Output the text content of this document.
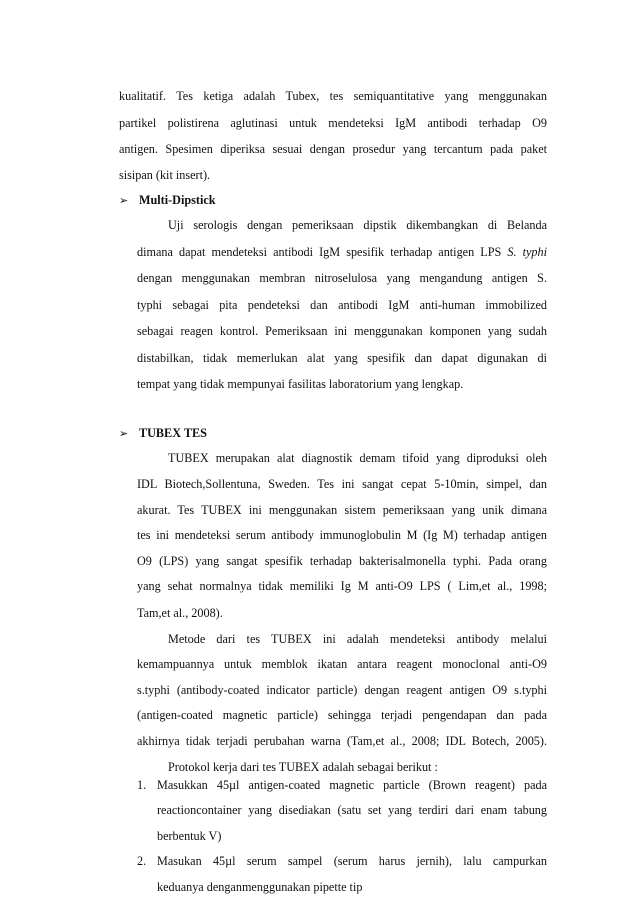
kualitatif. Tes ketiga adalah Tubex, tes semiquantitative yang menggunakan
partikel polistirena aglutinasi untuk mendeteksi IgM antibodi terhadap O9
antigen. Spesimen diperiksa sesuai dengan prosedur yang tercantum pada paket
sisipan (kit insert).
➢ Multi-Dipstick
Uji serologis dengan pemeriksaan dipstik dikembangkan di Belanda
dimana dapat mendeteksi antibodi IgM spesifik terhadap antigen LPS S. typhi
dengan menggunakan membran nitroselulosa yang mengandung antigen S.
typhi sebagai pita pendeteksi dan antibodi IgM anti-human immobilized
sebagai reagen kontrol. Pemeriksaan ini menggunakan komponen yang sudah
distabilkan, tidak memerlukan alat yang spesifik dan dapat digunakan di
tempat yang tidak mempunyai fasilitas laboratorium yang lengkap.
➢ TUBEX TES
TUBEX merupakan alat diagnostik demam tifoid yang diproduksi oleh
IDL Biotech,Sollentuna, Sweden. Tes ini sangat cepat 5-10min, simpel, dan
akurat. Tes TUBEX ini menggunakan sistem pemeriksaan yang unik dimana
tes ini mendeteksi serum antibody immunoglobulin M (Ig M) terhadap antigen
O9 (LPS) yang sangat spesifik terhadap bakterisalmonella typhi. Pada orang
yang sehat normalnya tidak memiliki Ig M anti-O9 LPS ( Lim,et al., 1998;
Tam,et al., 2008).
Metode dari tes TUBEX ini adalah mendeteksi antibody melalui
kemampuannya untuk memblok ikatan antara reagent monoclonal anti-O9
s.typhi (antibody-coated indicator particle) dengan reagent antigen O9 s.typhi
(antigen-coated magnetic particle) sehingga terjadi pengendapan dan pada
akhirnya tidak terjadi perubahan warna (Tam,et al., 2008; IDL Botech, 2005).
Protokol kerja dari tes TUBEX adalah sebagai berikut :
1. Masukkan 45µl antigen-coated magnetic particle (Brown reagent) pada
reactioncontainer yang disediakan (satu set yang terdiri dari enam tabung
berbentuk V)
2. Masukan 45µl serum sampel (serum harus jernih), lalu campurkan
keduanya denganmenggunakan pipette tip
